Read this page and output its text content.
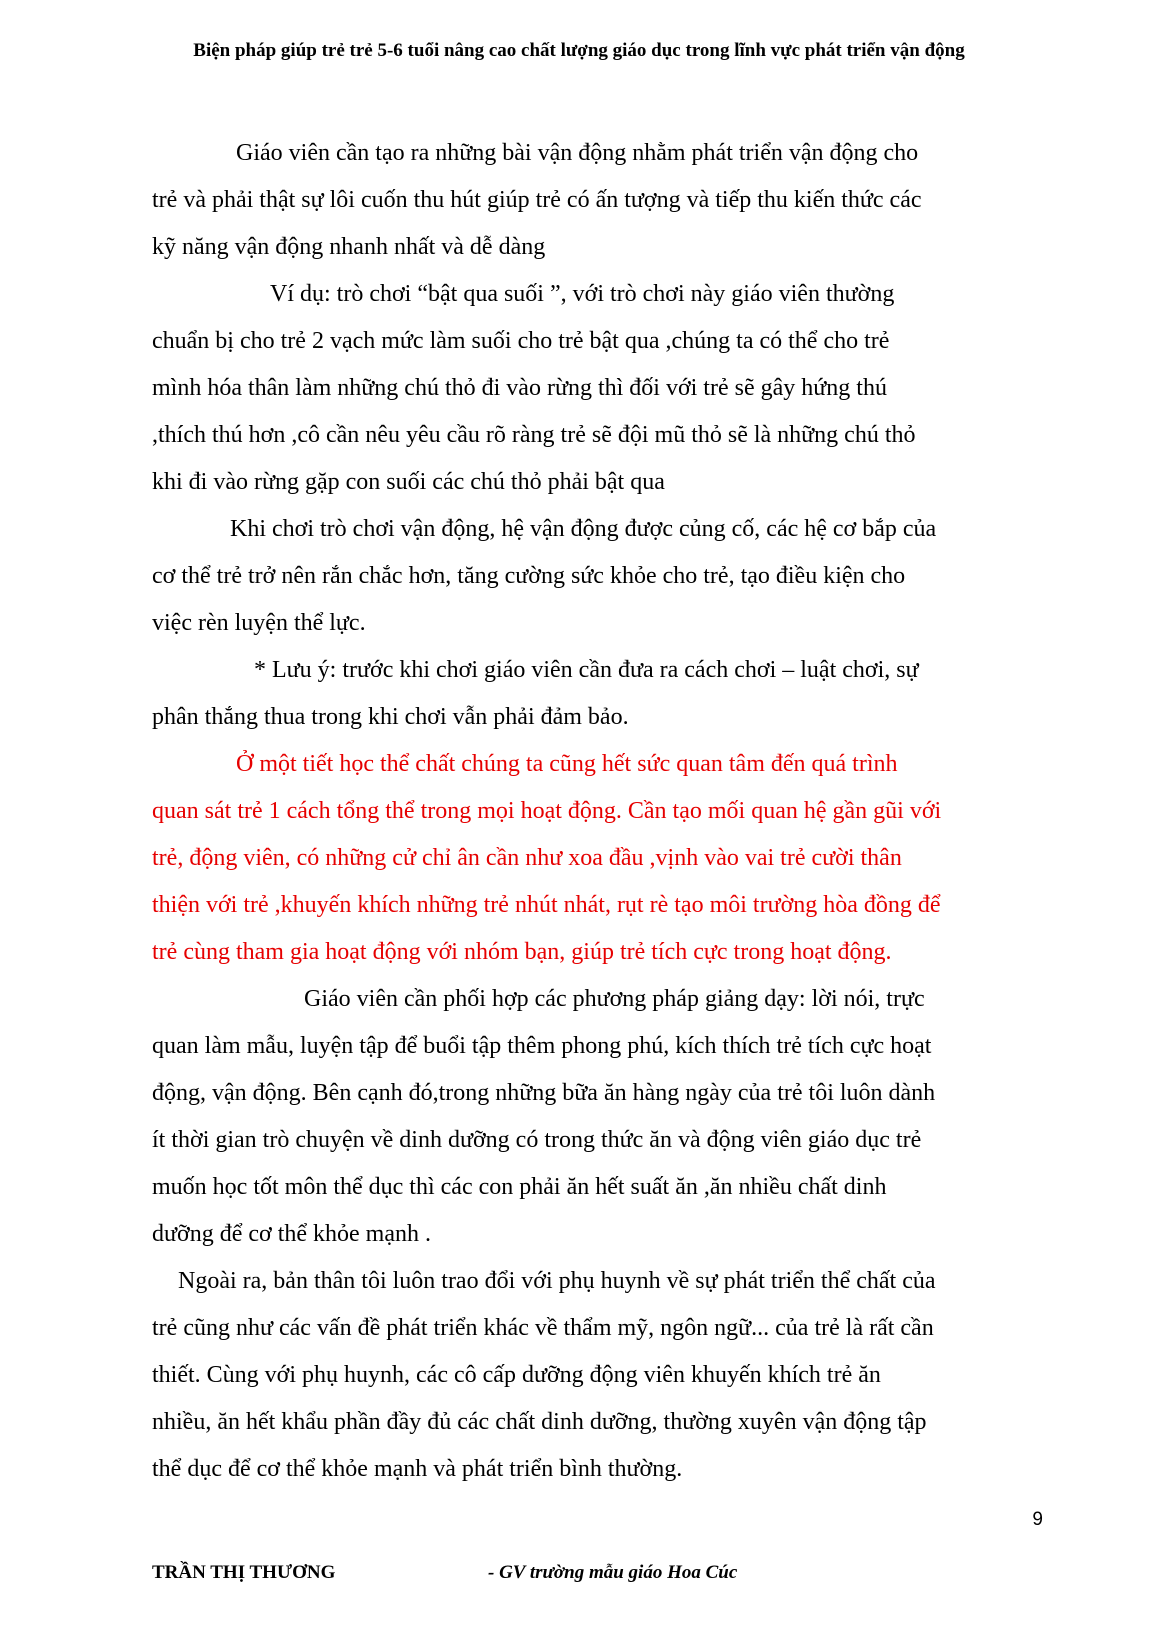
Biện pháp giúp trẻ trẻ 5-6 tuổi nâng cao chất lượng giáo dục trong lĩnh vực phát triển vận động
Giáo viên cần tạo ra những bài vận động nhằm phát triển vận động cho
trẻ và phải thật sự lôi cuốn thu hút giúp trẻ có ấn tượng và tiếp thu kiến thức các
kỹ năng vận động nhanh nhất và dễ dàng
Ví dụ: trò chơi “bật qua suối ”, với trò chơi này giáo viên thường
chuẩn bị cho trẻ 2 vạch mức làm suối cho trẻ bật qua ,chúng ta có thể cho trẻ
mình hóa thân làm những chú thỏ đi vào rừng thì đối với trẻ sẽ gây hứng thú
,thích thú hơn ,cô cần nêu yêu cầu rõ ràng trẻ sẽ đội mũ thỏ sẽ là những chú thỏ
khi đi vào rừng gặp con suối các chú thỏ phải bật qua
Khi chơi trò chơi vận động, hệ vận động được củng cố, các hệ cơ bắp của
cơ thể trẻ trở nên rắn chắc hơn, tăng cường sức khỏe cho trẻ, tạo điều kiện cho
việc rèn luyện thể lực.
* Lưu ý: trước khi chơi giáo viên cần đưa ra cách chơi – luật chơi, sự
phân thắng thua trong khi chơi vẫn phải đảm bảo.
Ở một tiết học thể chất chúng ta cũng hết sức quan tâm đến quá trình
quan sát trẻ 1 cách tổng thể trong mọi hoạt động. Cần tạo mối quan hệ gần gũi với
trẻ, động viên, có những cử chỉ ân cần như xoa đầu ,vịnh vào vai trẻ cười thân
thiện với trẻ ,khuyến khích những trẻ nhút nhát, rụt rè tạo môi trường hòa đồng để
trẻ cùng tham gia hoạt động với nhóm bạn, giúp trẻ tích cực trong hoạt động.
Giáo viên cần phối hợp các phương pháp giảng dạy: lời nói, trực
quan làm mẫu, luyện tập để buổi tập thêm phong phú, kích thích trẻ tích cực hoạt
động, vận động. Bên cạnh đó,trong những bữa ăn hàng ngày của trẻ tôi luôn dành
ít thời gian trò chuyện về dinh dưỡng có trong thức ăn và động viên giáo dục trẻ
muốn học tốt môn thể dục thì các con phải ăn hết suất ăn ,ăn nhiều chất dinh
dưỡng để cơ thể khỏe mạnh .
Ngoài ra, bản thân tôi luôn trao đổi với phụ huynh về sự phát triển thể chất của
trẻ cũng như các vấn đề phát triển khác về thẩm mỹ, ngôn ngữ... của trẻ là rất cần
thiết. Cùng với phụ huynh, các cô cấp dưỡng động viên khuyến khích trẻ ăn
nhiều, ăn hết khẩu phần đầy đủ các chất dinh dưỡng, thường xuyên vận động tập
thể dục để cơ thể khỏe mạnh và phát triển bình thường.
9
TRẦN THỊ THƯƠNG	- GV trường mẫu giáo Hoa Cúc
